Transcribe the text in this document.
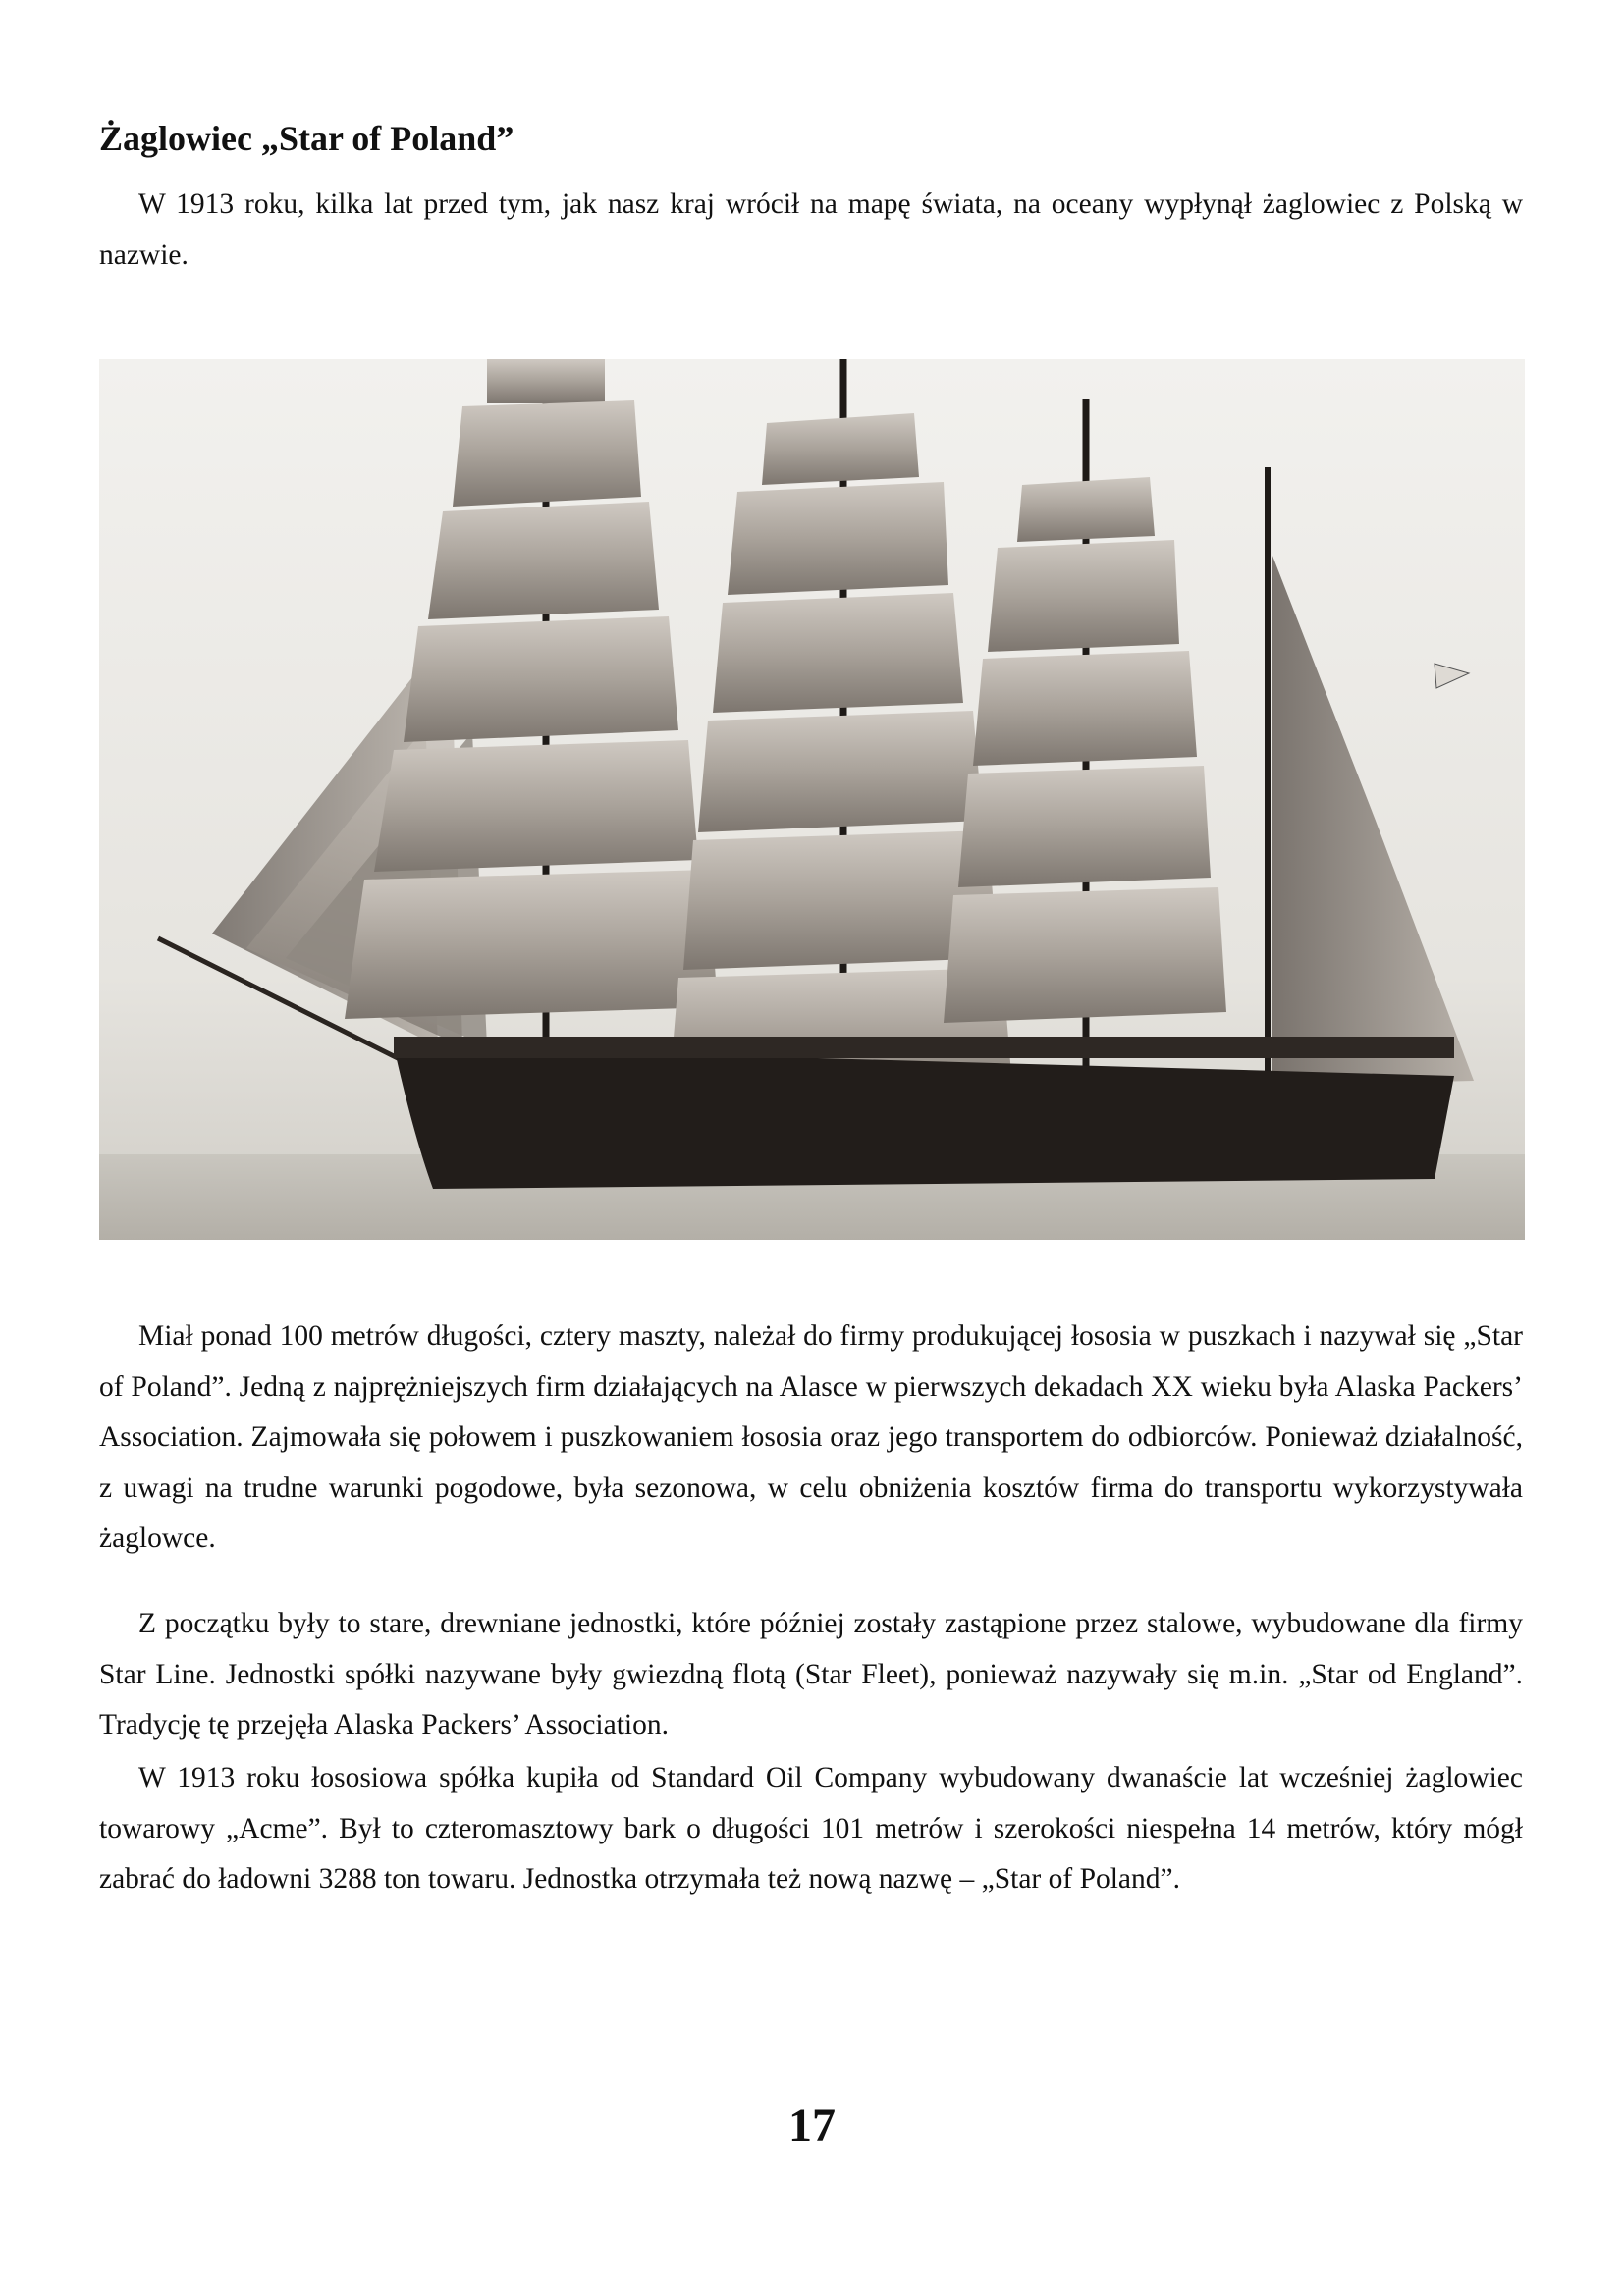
Żaglowiec „Star of Poland”

W 1913 roku, kilka lat przed tym, jak nasz kraj wrócił na mapę świata, na oceany wypłynął żaglowiec z Polską w nazwie.

Miał ponad 100 metrów długości, cztery maszty, należał do firmy produkującej łososia w puszkach i nazywał się „Star of Poland”. Jedną z najprężniejszych firm działających na Alasce w pierwszych dekadach XX wieku była Alaska Packers’ Association. Zajmowała się połowem i puszkowaniem łososia oraz jego transportem do odbiorców. Ponieważ działalność, z uwagi na trudne warunki pogodowe, była sezonowa, w celu obniżenia kosztów firma do transportu wykorzystywała żaglowce.

Z początku były to stare, drewniane jednostki, które później zostały zastąpione przez stalowe, wybudowane dla firmy Star Line. Jednostki spółki nazywane były gwiezdną flotą (Star Fleet), ponieważ nazywały się m.in. „Star od England”. Tradycję tę przejęła Alaska Packers’ Association.

W 1913 roku łososiowa spółka kupiła od Standard Oil Company wybudowany dwanaście lat wcześniej żaglowiec towarowy „Acme”. Był to czteromasztowy bark o długości 101 metrów i szerokości niespełna 14 metrów, który mógł zabrać do ładowni 3288 ton towaru. Jednostka otrzymała też nową nazwę – „Star of Poland”.

17
